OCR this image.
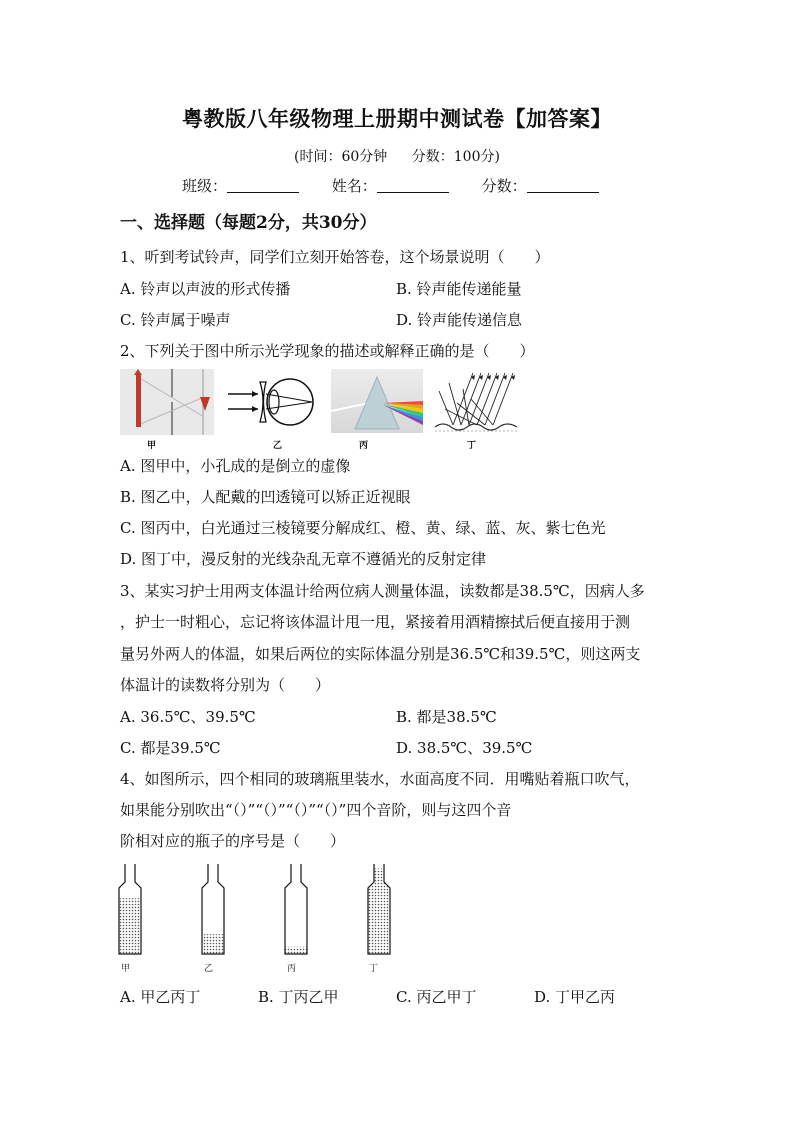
粤教版八年级物理上册期中测试卷【加答案】
(时间：60分钟 分数：100分)
班级：	姓名：	分数：
一、选择题（每题2分，共30分）
1、听到考试铃声，同学们立刻开始答卷，这个场景说明（　　）
A. 铃声以声波的形式传播	B. 铃声能传递能量
C. 铃声属于噪声	D. 铃声能传递信息
2、下列关于图中所示光学现象的描述或解释正确的是（　　）
甲	乙	丙	丁
A. 图甲中，小孔成的是倒立的虚像
B. 图乙中，人配戴的凹透镜可以矫正近视眼
C. 图丙中，白光通过三棱镜要分解成红、橙、黄、绿、蓝、灰、紫七色光
D. 图丁中，漫反射的光线杂乱无章不遵循光的反射定律
3、某实习护士用两支体温计给两位病人测量体温，读数都是38.5℃，因病人多
，护士一时粗心，忘记将该体温计甩一甩，紧接着用酒精擦拭后便直接用于测
量另外两人的体温，如果后两位的实际体温分别是36.5℃和39.5℃，则这两支
体温计的读数将分别为（　　）
A. 36.5℃、39.5℃	B. 都是38.5℃
C. 都是39.5℃	D. 38.5℃、39.5℃
4、如图所示，四个相同的玻璃瓶里装水，水面高度不同．用嘴贴着瓶口吹气，
如果能分别吹出“（）”“（）”“（）”“（）”四个音阶，则与这四个音
阶相对应的瓶子的序号是（　　）
甲	乙	丙	丁
A. 甲乙丙丁	B. 丁丙乙甲	C. 丙乙甲丁	D. 丁甲乙丙
